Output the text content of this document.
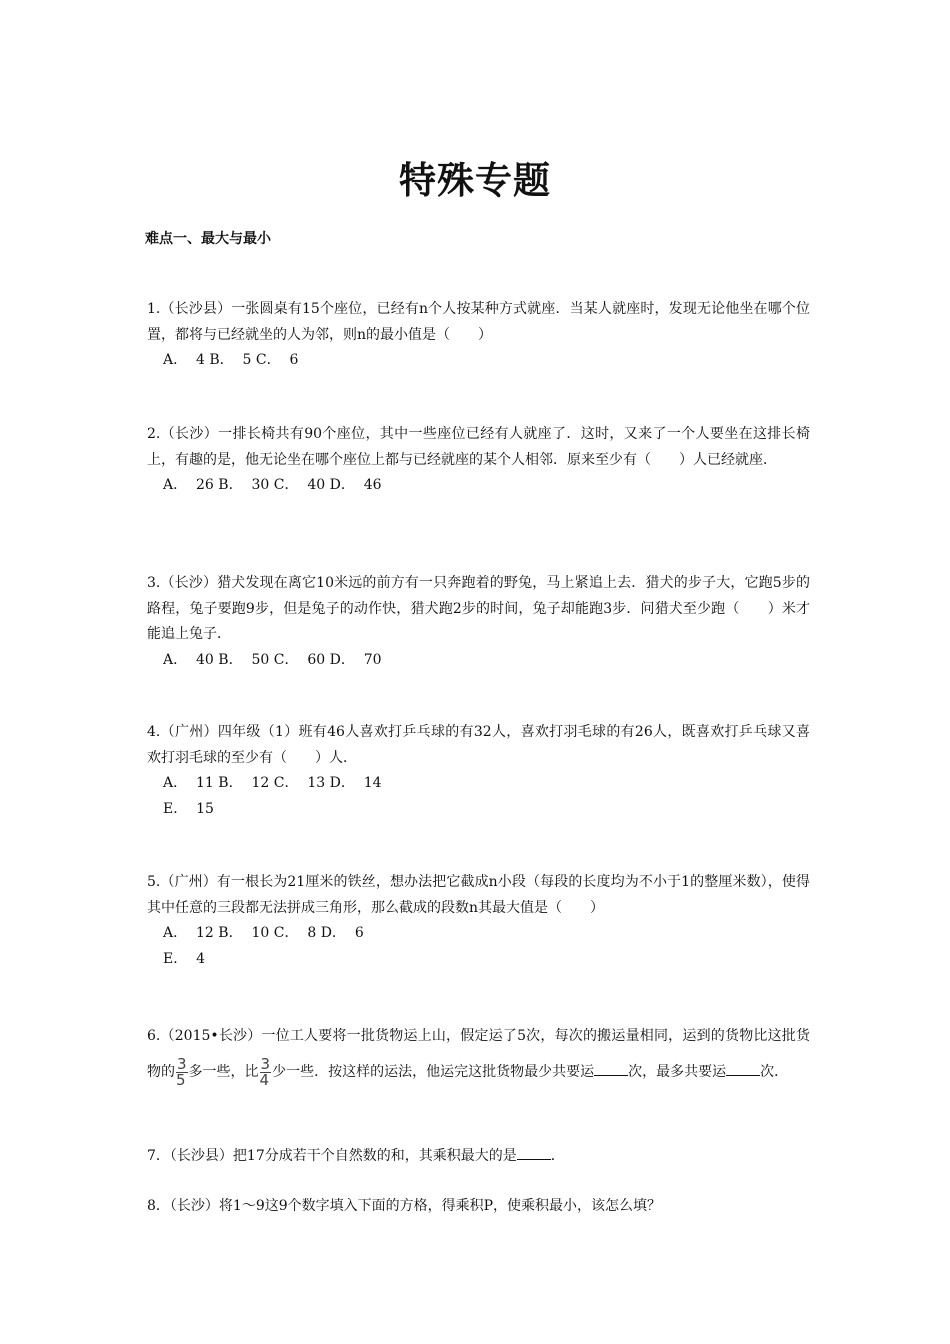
特殊专题
难点一、最大与最小
1.（长沙县）一张圆桌有15个座位，已经有n个人按某种方式就座．当某人就座时，发现无论他坐在哪个位置，都将与已经就坐的人为邻，则n的最小值是（　　）
A．  4 B．  5 C．  6
2.（长沙）一排长椅共有90个座位，其中一些座位已经有人就座了．这时，又来了一个人要坐在这排长椅上，有趣的是，他无论坐在哪个座位上都与已经就座的某个人相邻．原来至少有（　　）人已经就座．
A．  26 B．  30 C．  40 D．  46
3.（长沙）猎犬发现在离它10米远的前方有一只奔跑着的野兔，马上紧追上去．猎犬的步子大，它跑5步的路程，兔子要跑9步，但是兔子的动作快，猎犬跑2步的时间，兔子却能跑3步．问猎犬至少跑（　　）米才能追上兔子．
A．  40 B．  50 C．  60 D．  70
4.（广州）四年级（1）班有46人喜欢打乒乓球的有32人，喜欢打羽毛球的有26人，既喜欢打乒乓球又喜欢打羽毛球的至少有（　　）人．
A．  11 B．  12 C．  13 D．  14
E．  15
5.（广州）有一根长为21厘米的铁丝，想办法把它截成n小段（每段的长度均为不小于1的整厘米数），使得其中任意的三段都无法拼成三角形，那么截成的段数n其最大值是（　　）
A．  12 B．  10 C．  8 D．  6
E．  4
6.（2015•长沙）一位工人要将一批货物运上山，假定运了5次，每次的搬运量相同，运到的货物比这批货物的 $\frac{3}{5}$ 多一些，比 $\frac{3}{4}$ 少一些．按这样的运法，他运完这批货物最少共要运 次，最多共要运 次．
7．（长沙县）把17分成若干个自然数的和，其乘积最大的是 ．
8．（长沙）将1～9这9个数字填入下面的方格，得乘积P，使乘积最小，该怎么填？
